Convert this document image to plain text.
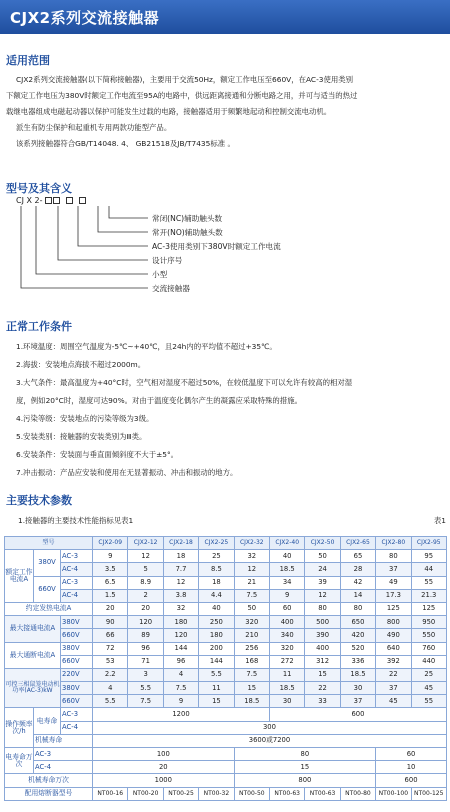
CJX2系列交流接触器
适用范围
CJX2系列交流接触器(以下简称接触器)，主要用于交流50Hz，额定工作电压至660V，在AC-3使用类别
下额定工作电压为380V时额定工作电流至95A的电路中，供远距离接通和分断电路之用，并可与适当的热过
载继电器组成电磁起动器以保护可能发生过载的电路，接触器适用于频繁地起动和控制交流电动机。
派生有防尘保护和起重机专用两款功能型产品。
该系列接触器符合GB/T14048. 4、 GB21518及JB/T7435标准 。
型号及其含义
CJ X 2-
常闭(NC)辅助触头数
常开(NO)辅助触头数
AC-3使用类别下380V时额定工作电流
设计序号
小型
交流接触器
正常工作条件
1.环境温度：周围空气温度为-5℃~+40℃，且24h内的平均值不超过+35℃。
2.海拔：安装地点海拔不超过2000m。
3.大气条件：最高温度为+40°C时，空气相对湿度不超过50%，在较低温度下可以允许有较高的相对湿
度，例如20°C时，湿度可达90%。对由于温度变化偶尔产生的凝露应采取特殊的措施。
4.污染等级：安装地点的污染等级为3级。
5.安装类别：接触器的安装类别为Ⅲ类。
6.安装条件：安装面与垂直面倾斜度不大于±5°。
7.冲击振动：产品应安装和使用在无显著振动、冲击和振动的地方。
主要技术参数
1.接触器的主要技术性能指标见表1	表1
型号			CJX2-09	CJX2-12	CJX2-18	CJX2-25	CJX2-32	CJX2-40	CJX2-50	CJX2-65	CJX2-80	CJX2-95
额定工作电流A	380V	AC-3	9	12	18	25	32	40	50	65	80	95
		AC-4	3.5	5	7.7	8.5	12	18.5	24	28	37	44
	660V	AC-3	6.5	8.9	12	18	21	34	39	42	49	55
		AC-4	1.5	2	3.8	4.4	7.5	9	12	14	17.3	21.3
约定发热电流A			20	20	32	40	50	60	80	80	125	125
最大接通电流A		380V	90	120	180	250	320	400	500	650	800	950
		660V	66	89	120	180	210	340	390	420	490	550
最大通断电流A		380V	72	96	144	200	256	320	400	520	640	760
		660V	53	71	96	144	168	272	312	336	392	440
可控三相鼠笼电动机功率(AC-3)kW		220V	2.2	3	4	5.5	7.5	11	15	18.5	22	25
		380V	4	5.5	7.5	11	15	18.5	22	30	37	45
		660V	5.5	7.5	9	15	18.5	30	33	37	45	55
操作频率次/h	电寿命	AC-3	1200					600				
		AC-4	300									
	机械寿命		3600或7200									
电寿命万次	AC-3		100				80				60	
	AC-4		20				15				10	
机械寿命万次			1000				800				600	
配用熔断器型号			NT00-16	NT00-20	NT00-25	NT00-32	NT00-50	NT00-63	NT00-63	NT00-80	NT00-100	NT00-125
